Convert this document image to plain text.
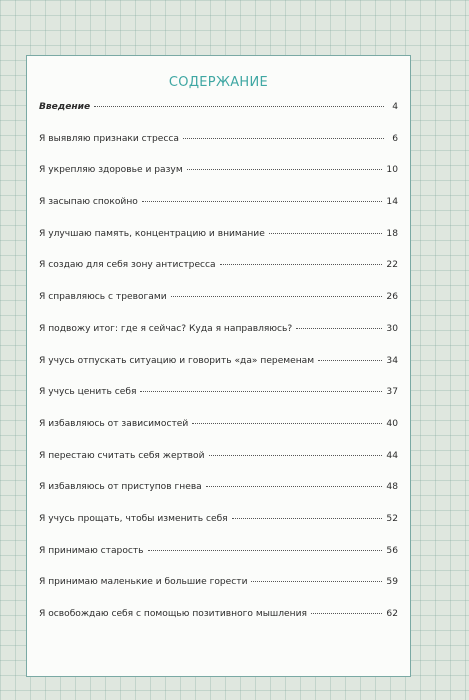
СОДЕРЖАНИЕ
Введение	4
Я выявляю признаки стресса	6
Я укрепляю здоровье и разум	10
Я засыпаю спокойно	14
Я улучшаю память, концентрацию и внимание	18
Я создаю для себя зону антистресса	22
Я справляюсь с тревогами	26
Я подвожу итог: где я сейчас? Куда я направляюсь?	30
Я учусь отпускать ситуацию и говорить «да» переменам	34
Я учусь ценить себя	37
Я избавляюсь от зависимостей	40
Я перестаю считать себя жертвой	44
Я избавляюсь от приступов гнева	48
Я учусь прощать, чтобы изменить себя	52
Я принимаю старость	56
Я принимаю маленькие и большие горести	59
Я освобождаю себя с помощью позитивного мышления	62
